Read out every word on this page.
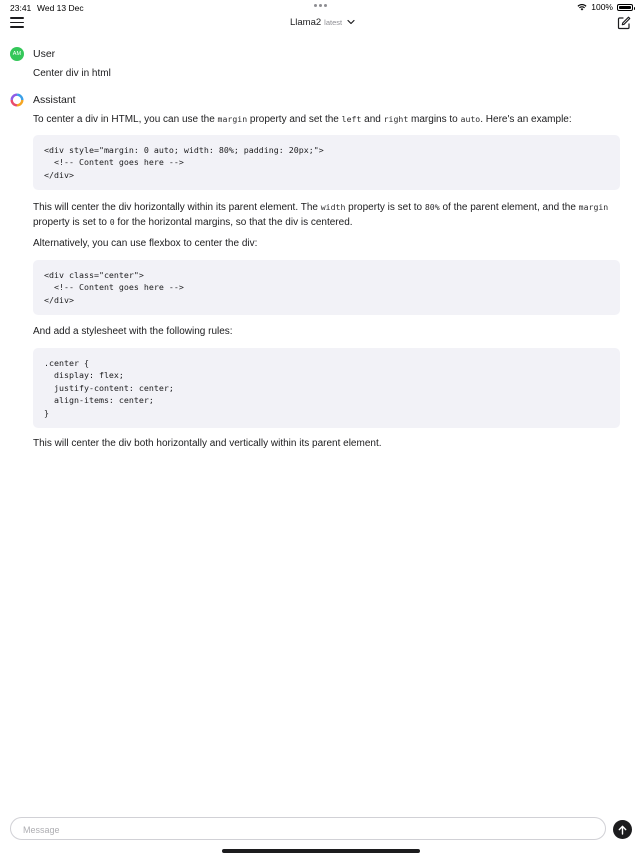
23:41 Wed 13 Dec	100%
Llama2 latest
AM User
Center div in html
Assistant
To center a div in HTML, you can use the margin property and set the left and right margins to auto. Here's an example:
<div style="margin: 0 auto; width: 80%; padding: 20px;">
<!-- Content goes here -->
</div>
This will center the div horizontally within its parent element. The width property is set to 80% of the parent element, and the margin property is set to 0 for the horizontal margins, so that the div is centered.
Alternatively, you can use flexbox to center the div:
<div class="center">
<!-- Content goes here -->
</div>
And add a stylesheet with the following rules:
.center {
display: flex;
justify-content: center;
align-items: center;
}
This will center the div both horizontally and vertically within its parent element.
Message
